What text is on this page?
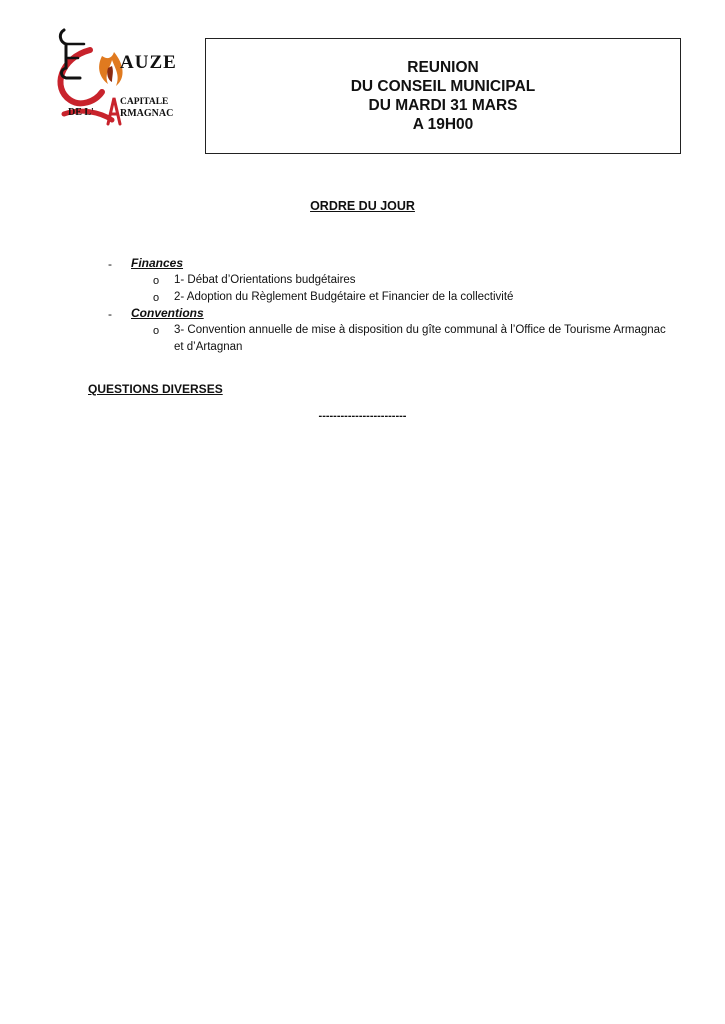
AUZE
CAPITALE
DE L'	RMAGNAC
REUNION
DU CONSEIL MUNICIPAL
DU MARDI 31 MARS
A 19H00
ORDRE DU JOUR
- Finances
o 1- Débat d’Orientations budgétaires
o 2- Adoption du Règlement Budgétaire et Financier de la collectivité
- Conventions
o 3- Convention annuelle de mise à disposition du gîte communal à l’Office de Tourisme Armagnac et d’Artagnan
QUESTIONS DIVERSES
------------------------
